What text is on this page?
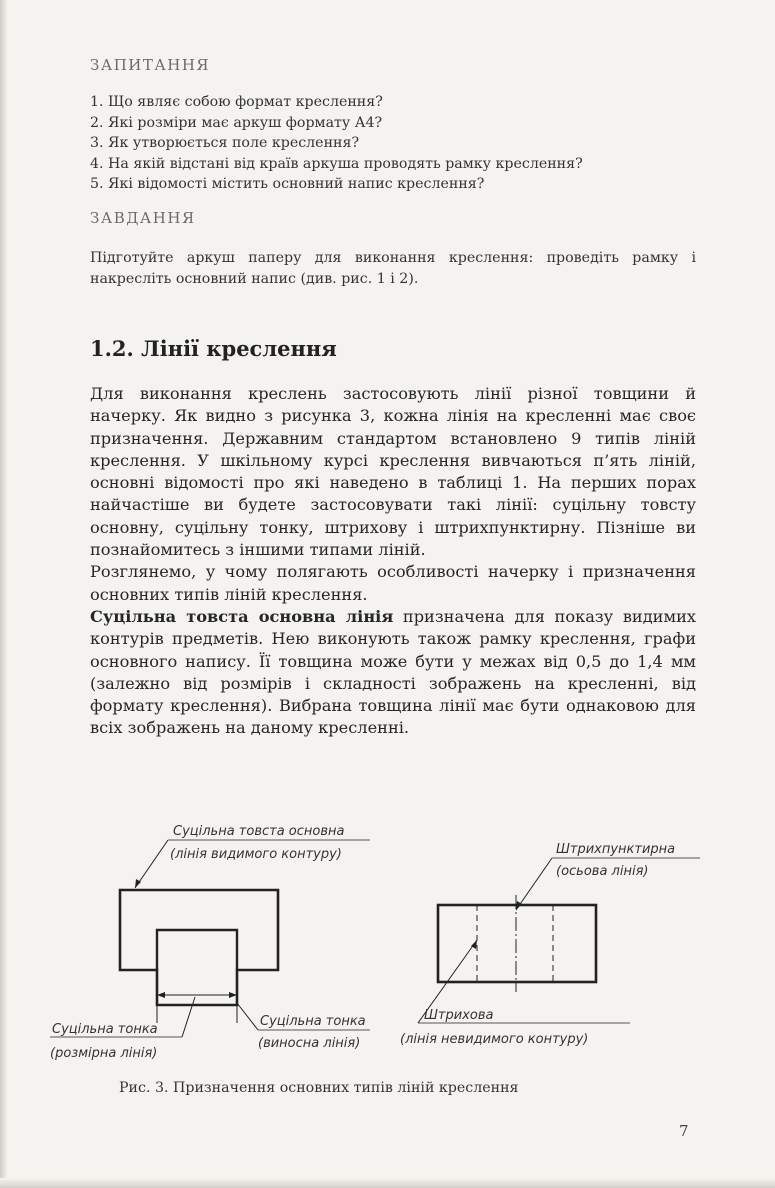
ЗАПИТАННЯ
1. Що являє собою формат креслення?
2. Які розміри має аркуш формату А4?
3. Як утворюється поле креслення?
4. На якій відстані від країв аркуша проводять рамку креслення?
5. Які відомості містить основний напис креслення?
ЗАВДАННЯ

Підготуйте аркуш паперу для виконання креслення: проведіть рамку і накресліть основний напис (див. рис. 1 і 2).

1.2. Лінії креслення

Для виконання креслень застосовують лінії різної товщини й начерку. Як видно з рисунка 3, кожна лінія на кресленні має своє призначення. Державним стандартом встановлено 9 типів ліній креслення. У шкільному курсі креслення вивчаються п’ять ліній, основні відомості про які наведено в таблиці 1. На перших порах найчастіше ви будете застосовувати такі лінії: суцільну товсту основну, суцільну тонку, штрихову і штрихпунктирну. Пізніше ви познайомитесь з іншими типами ліній.

Розглянемо, у чому полягають особливості начерку і призначення основних типів ліній креслення.

Суцільна товста основна лінія призначена для показу видимих контурів предметів. Нею виконують також рамку креслення, графи основного напису. Її товщина може бути у межах від 0,5 до 1,4 мм (залежно від розмірів і складності зображень на кресленні, від формату креслення). Вибрана товщина лінії має бути однаковою для всіх зображень на даному кресленні.

Суцільна товста основна
(лінія видимого контуру)	Штрихпунктирна
(осьова лінія)
Суцільна тонка
(виносна лінія)
Суцільна тонка
(розмірна лінія)
Штрихова
(лінія невидимого контуру)
Рис. 3. Призначення основних типів ліній креслення
7
